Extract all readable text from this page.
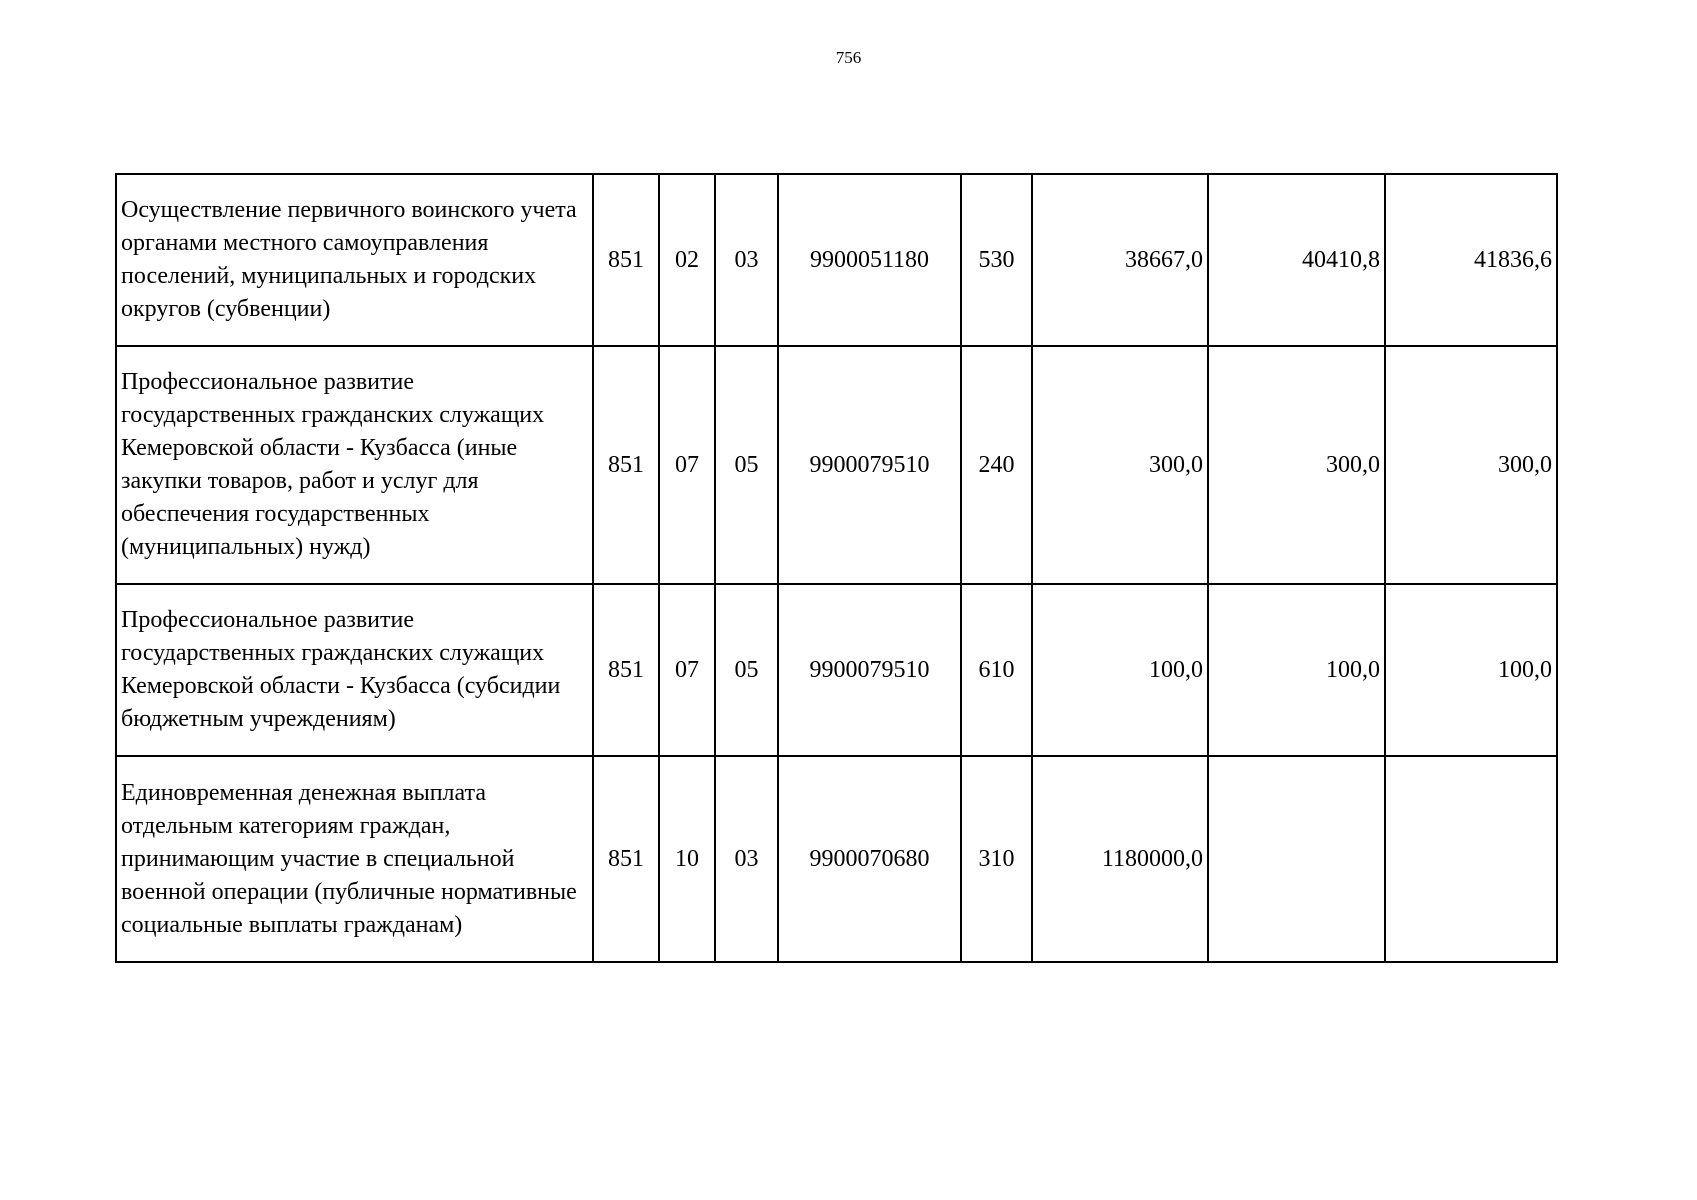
756
Осуществление первичного воинского учета органами местного самоуправления поселений, муниципальных и городских округов (субвенции)	851	02	03	9900051180	530	38667,0	40410,8	41836,6
Профессиональное развитие государственных гражданских служащих Кемеровской области - Кузбасса (иные закупки товаров, работ и услуг для обеспечения государственных (муниципальных) нужд)	851	07	05	9900079510	240	300,0	300,0	300,0
Профессиональное развитие государственных гражданских служащих Кемеровской области - Кузбасса (субсидии бюджетным учреждениям)	851	07	05	9900079510	610	100,0	100,0	100,0
Единовременная денежная выплата отдельным категориям граждан, принимающим участие в специальной военной операции (публичные нормативные социальные выплаты гражданам)	851	10	03	9900070680	310	1180000,0		
